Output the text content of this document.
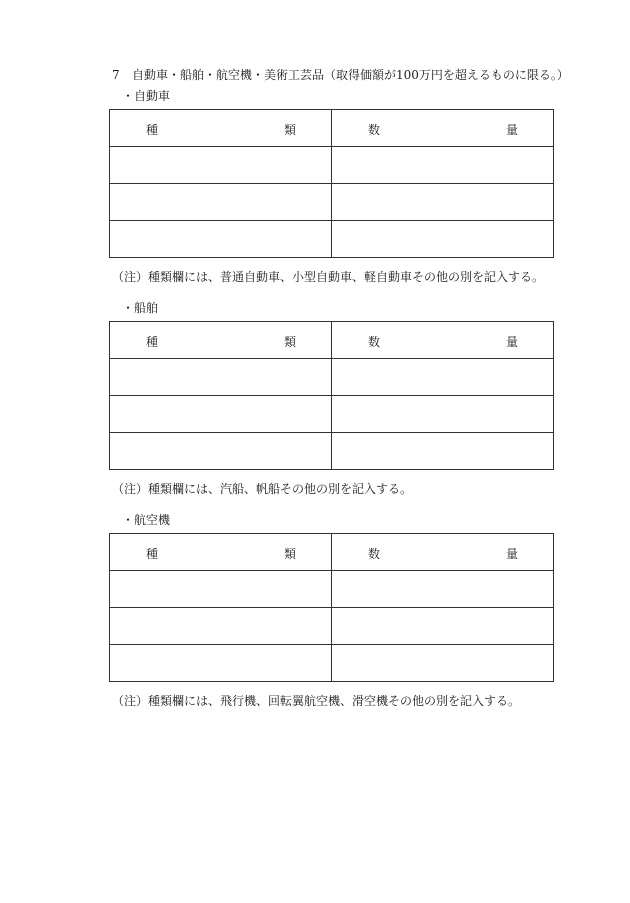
7 自動車・船舶・航空機・美術工芸品（取得価額が100万円を超えるものに限る。）
・自動車
種 類	数 量

（注）種類欄には、普通自動車、小型自動車、軽自動車その他の別を記入する。
・船舶
種 類	数 量

（注）種類欄には、汽船、帆船その他の別を記入する。
・航空機
種 類	数 量

（注）種類欄には、飛行機、回転翼航空機、滑空機その他の別を記入する。
